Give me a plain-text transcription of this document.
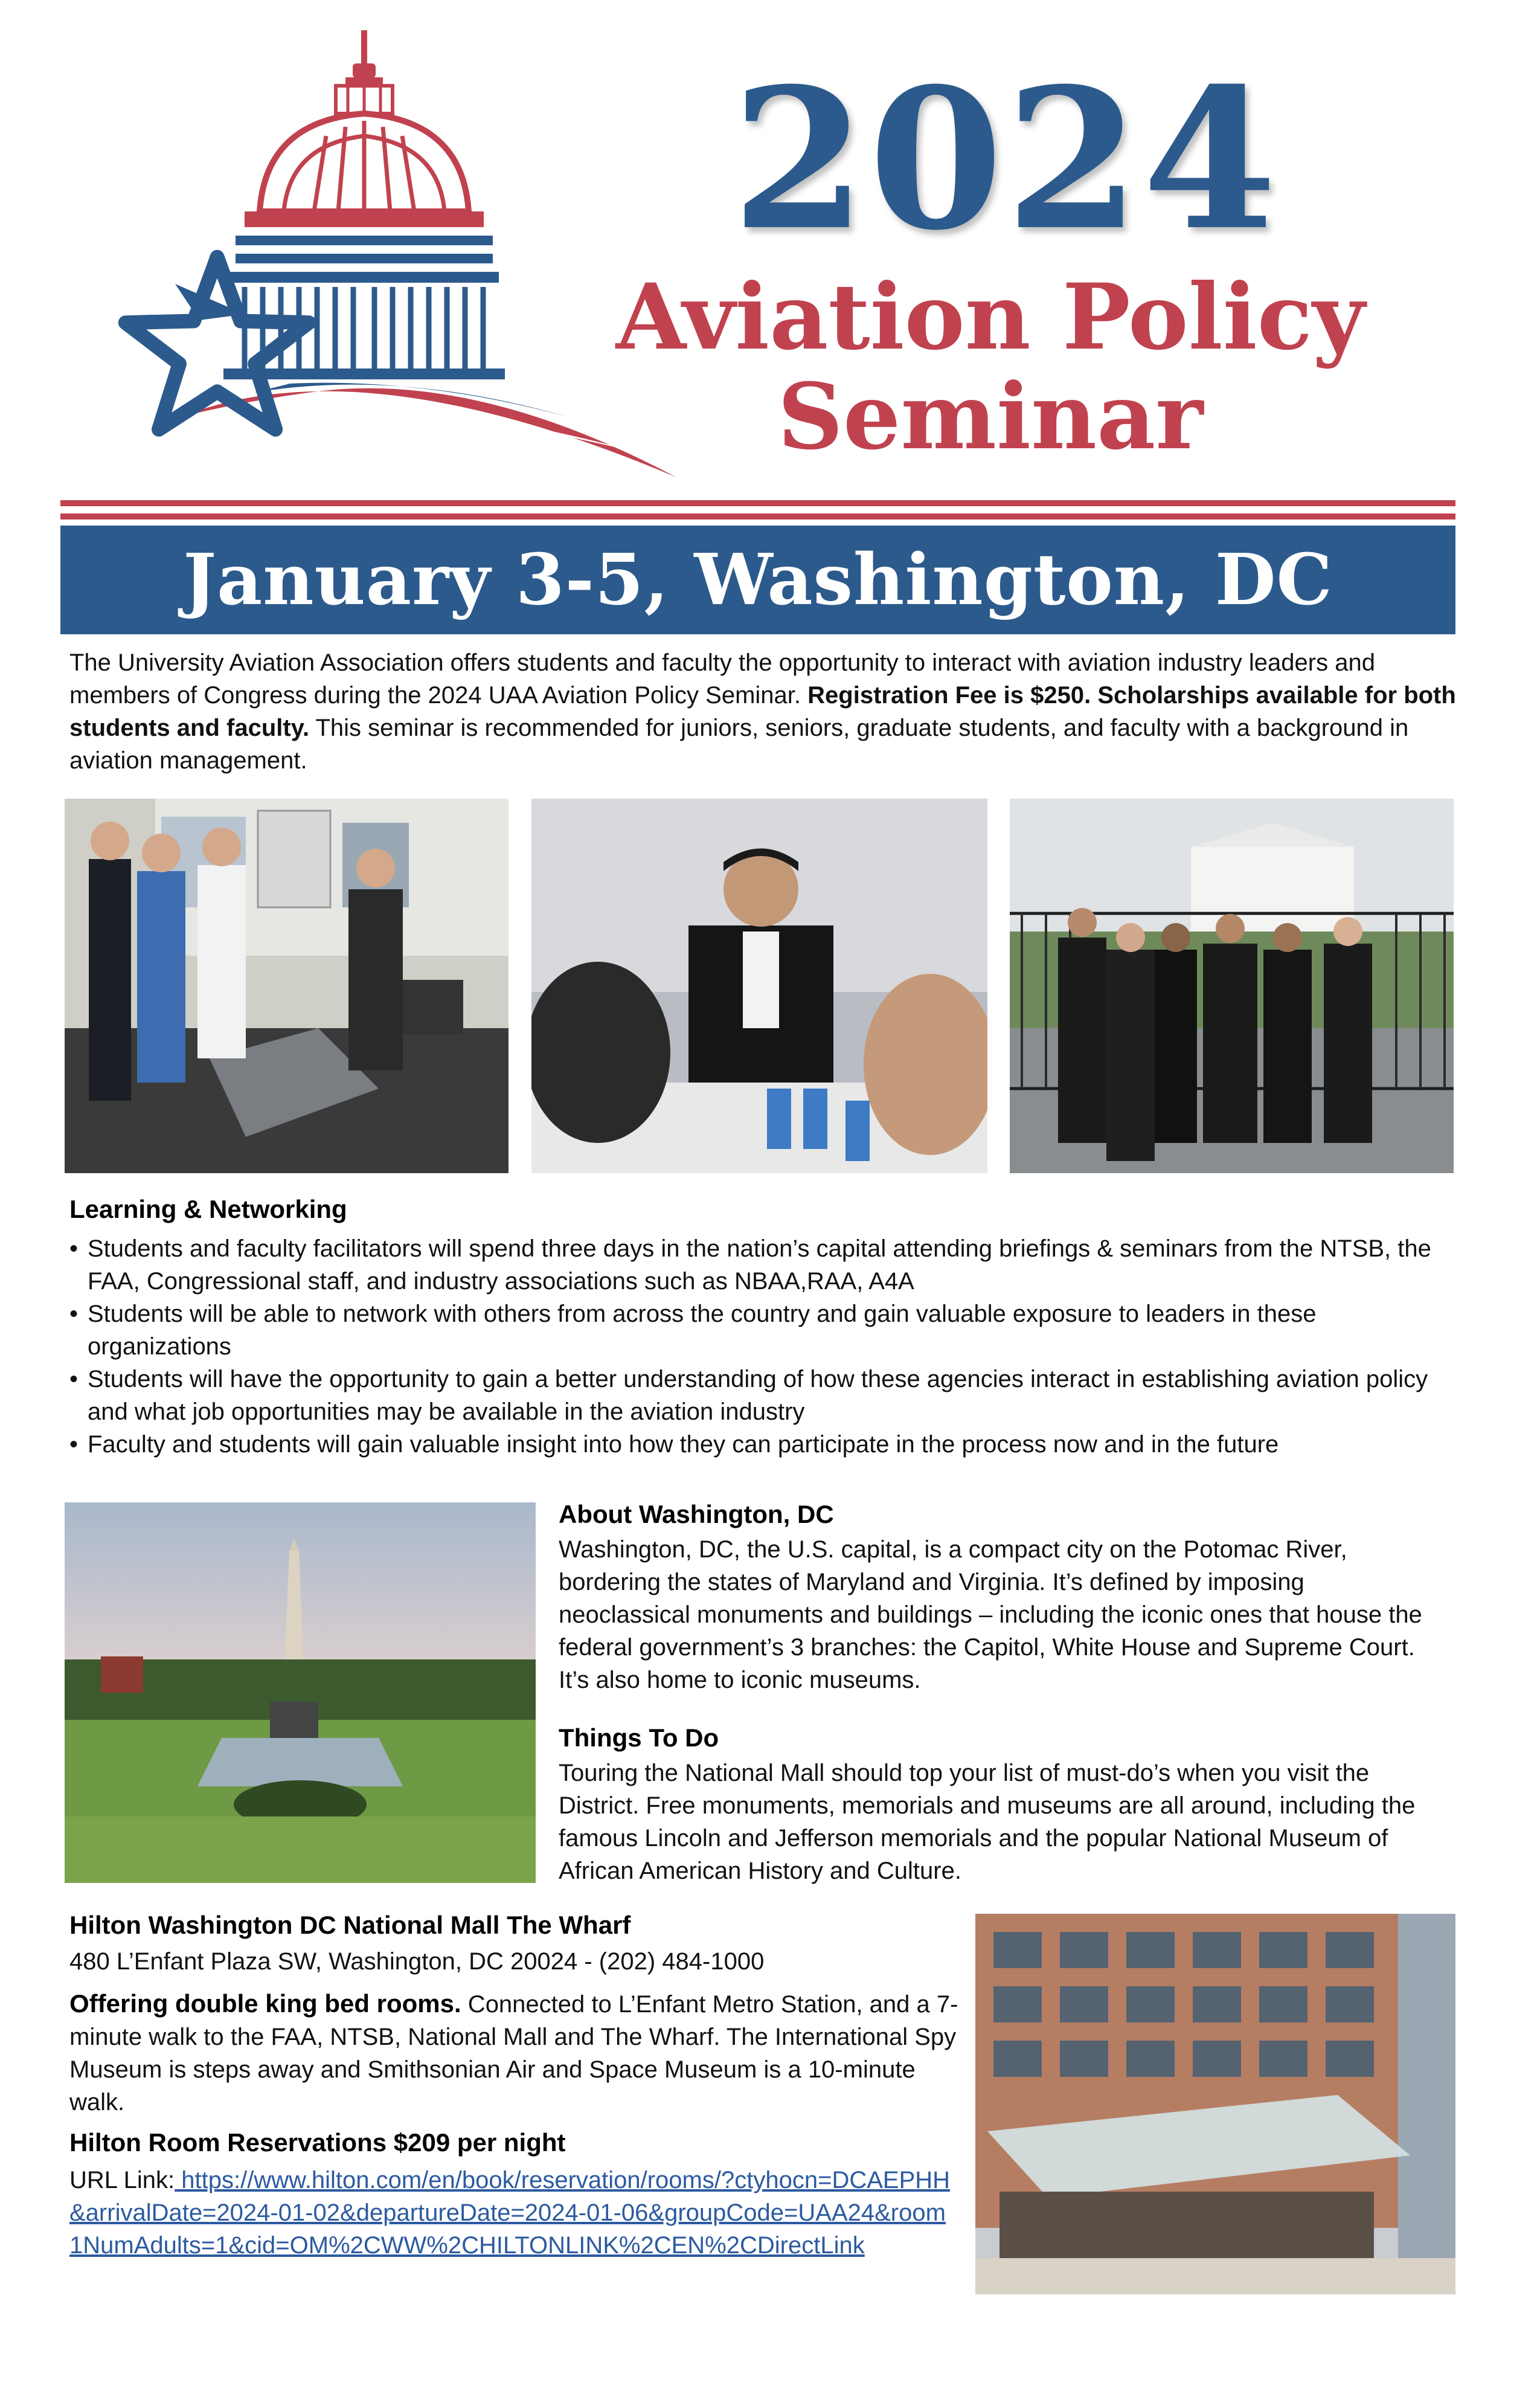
2024
Aviation Policy
Seminar
January 3-5, Washington, DC

The University Aviation Association offers students and faculty the opportunity to interact with aviation industry leaders and members of Congress during the 2024 UAA Aviation Policy Seminar. Registration Fee is $250. Scholarships available for both students and faculty. This seminar is recommended for juniors, seniors, graduate students, and faculty with a background in aviation management.

Learning & Networking
• Students and faculty facilitators will spend three days in the nation’s capital attending briefings & seminars from the NTSB, the FAA, Congressional staff, and industry associations such as NBAA,RAA, A4A
• Students will be able to network with others from across the country and gain valuable exposure to leaders in these organizations
• Students will have the opportunity to gain a better understanding of how these agencies interact in establishing aviation policy and what job opportunities may be available in the aviation industry
• Faculty and students will gain valuable insight into how they can participate in the process now and in the future
About Washington, DC

Washington, DC, the U.S. capital, is a compact city on the Potomac River, bordering the states of Maryland and Virginia. It’s defined by imposing neoclassical monuments and buildings – including the iconic ones that house the federal government’s 3 branches: the Capitol, White House and Supreme Court. It’s also home to iconic museums.

Things To Do

Touring the National Mall should top your list of must-do’s when you visit the District. Free monuments, memorials and museums are all around, including the famous Lincoln and Jefferson memorials and the popular National Museum of African American History and Culture.

Hilton Washington DC National Mall The Wharf
480 L’Enfant Plaza SW, Washington, DC 20024 - (202) 484-1000

Offering double king bed rooms. Connected to L’Enfant Metro Station, and a 7-minute walk to the FAA, NTSB, National Mall and The Wharf. The International Spy Museum is steps away and Smithsonian Air and Space Museum is a 10-minute walk.

Hilton Room Reservations $209 per night

URL Link: https://www.hilton.com/en/book/reservation/rooms/?ctyhocn=DCAEPHH&arrivalDate=2024-01-02&departureDate=2024-01-06&groupCode=UAA24&room1NumAdults=1&cid=OM%2CWW%2CHILTONLINK%2CEN%2CDirectLink
